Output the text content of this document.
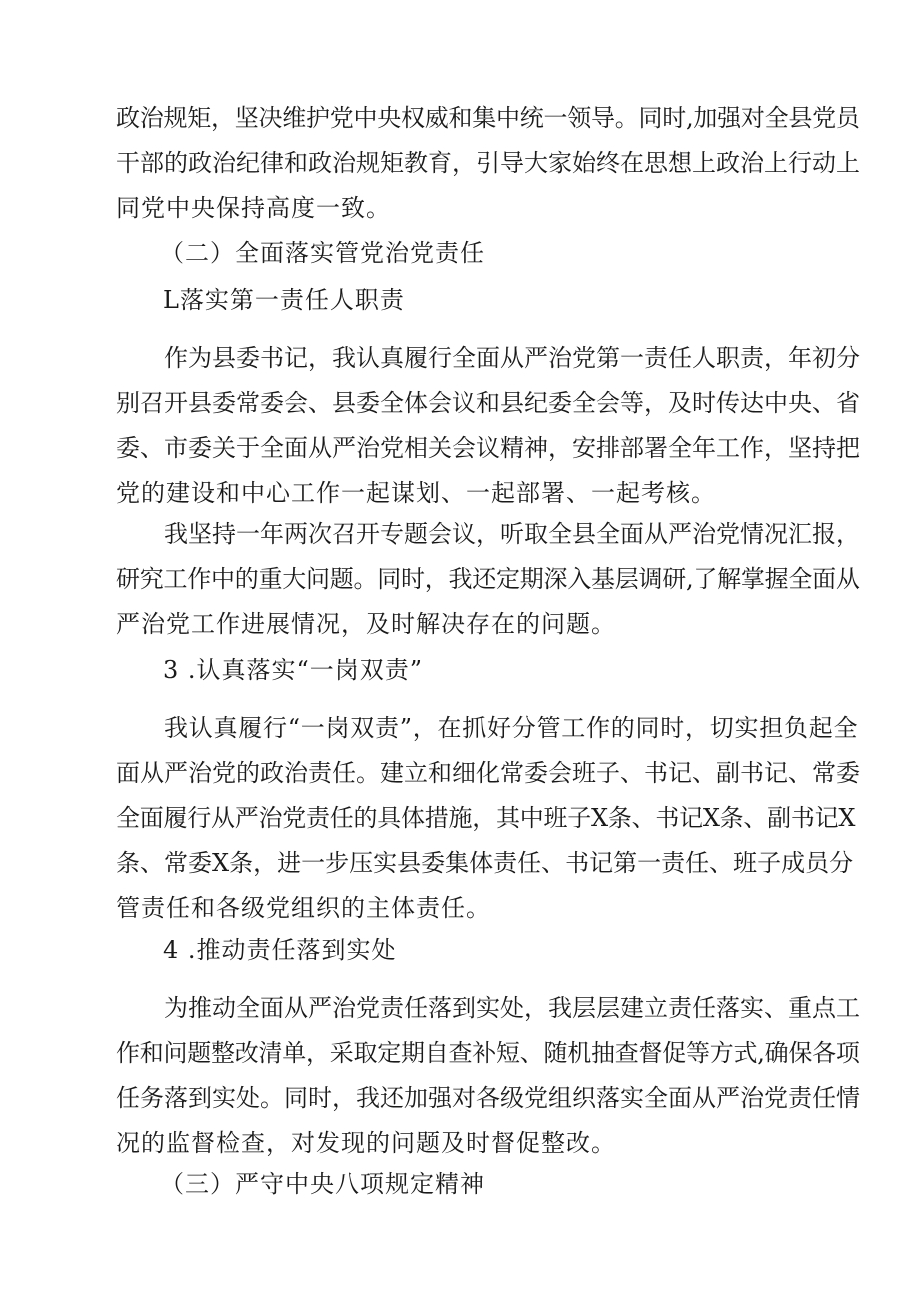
政治规矩，坚决维护党中央权威和集中统一领导。同时,加强对全县党员
干部的政治纪律和政治规矩教育，引导大家始终在思想上政治上行动上
同党中央保持高度一致。
（二）全面落实管党治党责任
L落实第一责任人职责
作为县委书记，我认真履行全面从严治党第一责任人职责，年初分
别召开县委常委会、县委全体会议和县纪委全会等，及时传达中央、省
委、市委关于全面从严治党相关会议精神，安排部署全年工作，坚持把
党的建设和中心工作一起谋划、一起部署、一起考核。
我坚持一年两次召开专题会议，听取全县全面从严治党情况汇报，
研究工作中的重大问题。同时，我还定期深入基层调研,了解掌握全面从
严治党工作进展情况，及时解决存在的问题。
3 .认真落实“一岗双责”
我认真履行“一岗双责”，在抓好分管工作的同时，切实担负起全
面从严治党的政治责任。建立和细化常委会班子、书记、副书记、常委
全面履行从严治党责任的具体措施，其中班子X条、书记X条、副书记X
条、常委X条，进一步压实县委集体责任、书记第一责任、班子成员分
管责任和各级党组织的主体责任。
4 .推动责任落到实处
为推动全面从严治党责任落到实处，我层层建立责任落实、重点工
作和问题整改清单，采取定期自查补短、随机抽查督促等方式,确保各项
任务落到实处。同时，我还加强对各级党组织落实全面从严治党责任情
况的监督检查，对发现的问题及时督促整改。
（三）严守中央八项规定精神
